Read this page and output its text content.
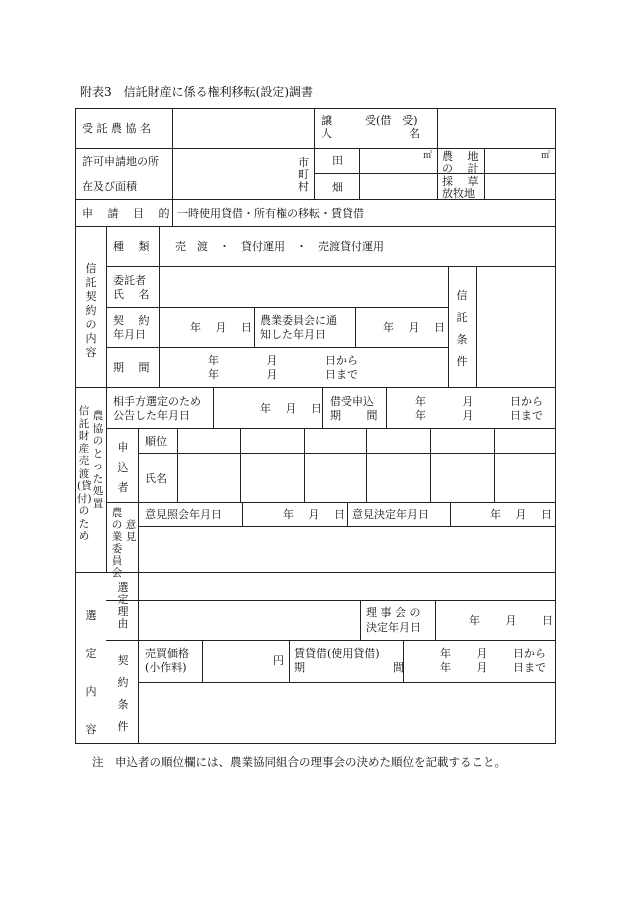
附表3　信託財産に係る権利移転(設定)調書
受 託 農 協 名
譲　　　受(借　受)
人　　　　　　　名
許可申請地の所
在及び面積
市
町
村
田
畑
㎡ 農　 地
の　 計
採　 草
放牧地
㎡
申　 請　 目　 的 一時使用貸借・所有権の移転・賃貸借
信託契約の内容
種　 類 売　渡　・　貸付運用　・　売渡貸付運用
委託者
氏　 名
契　 約
年月日
年　 月　 日
農業委員会に通
知した年月日
年　 月　 日
期　 間
年　　　　 月　　　　 日から
年　　　　 月　　　　 日まで
信託条件
信託財産売渡(貸付)のため
農協のとった処置
相手方選定のため
公告した年月日
年　 月　 日
借受申込
期　　 間
年　　　 月　　　 日から
年　　　 月　　　 日まで
申込者
順位
氏名
農の
業委員会
意見
意見照会年月日	年　 月　 日 意見決定年月日	年　 月　 日
選定内容
選定理由
理 事 会 の
決定年月日
年　　 月　　 日
契約条件
売買価格
(小作料)
円
賃貸借(使用貸借)
期　　　　　　　　間
年　　 月　　 日から
年　　 月　　 日まで
注　申込者の順位欄には、農業協同組合の理事会の決めた順位を記載すること。
